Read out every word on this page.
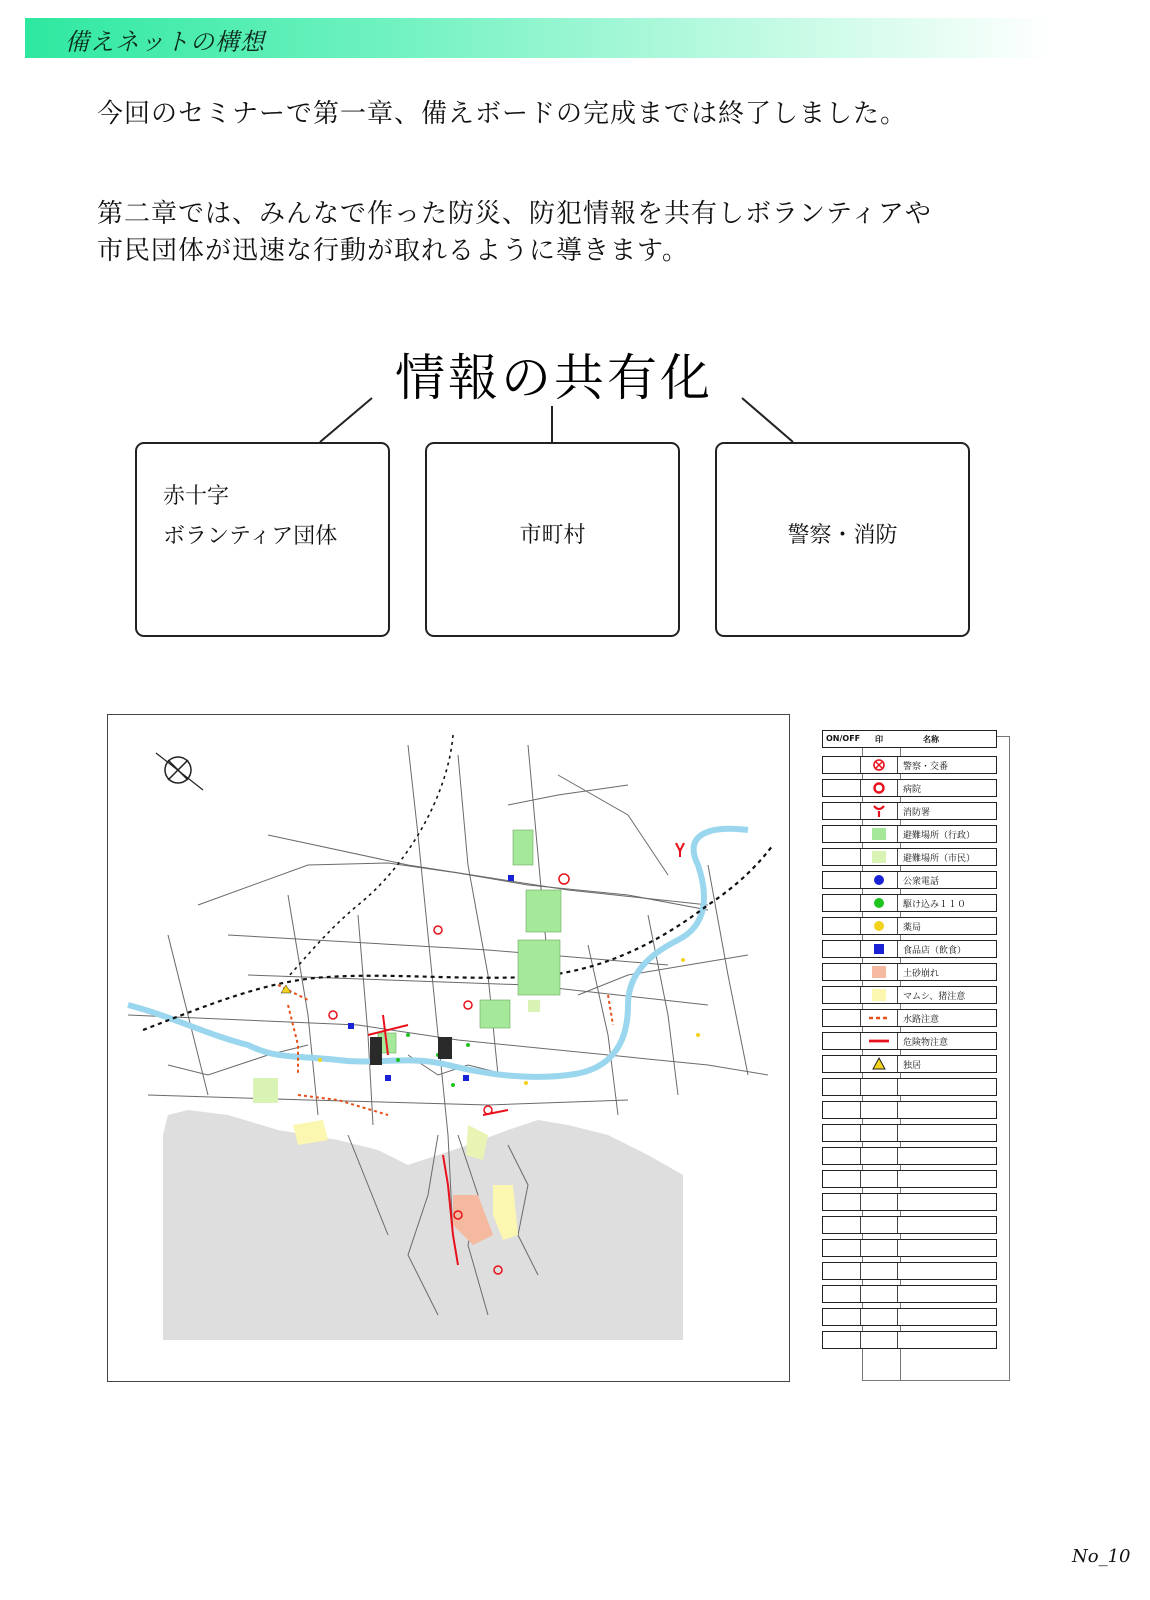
備えネットの構想
今回のセミナーで第一章、備えボードの完成までは終了しました。
第二章では、みんなで作った防災、防犯情報を共有しボランティアや
市民団体が迅速な行動が取れるように導きます。
情報の共有化
赤十字
ボランティア団体	市町村	警察・消防
ON/OFF 印	名称
警察・交番
病院
消防署
避難場所（行政）
避難場所（市民）
公衆電話
駆け込み１１０
薬局
食品店（飲食）
土砂崩れ
マムシ、猪注意
水路注意
危険物注意
独居
No_10
